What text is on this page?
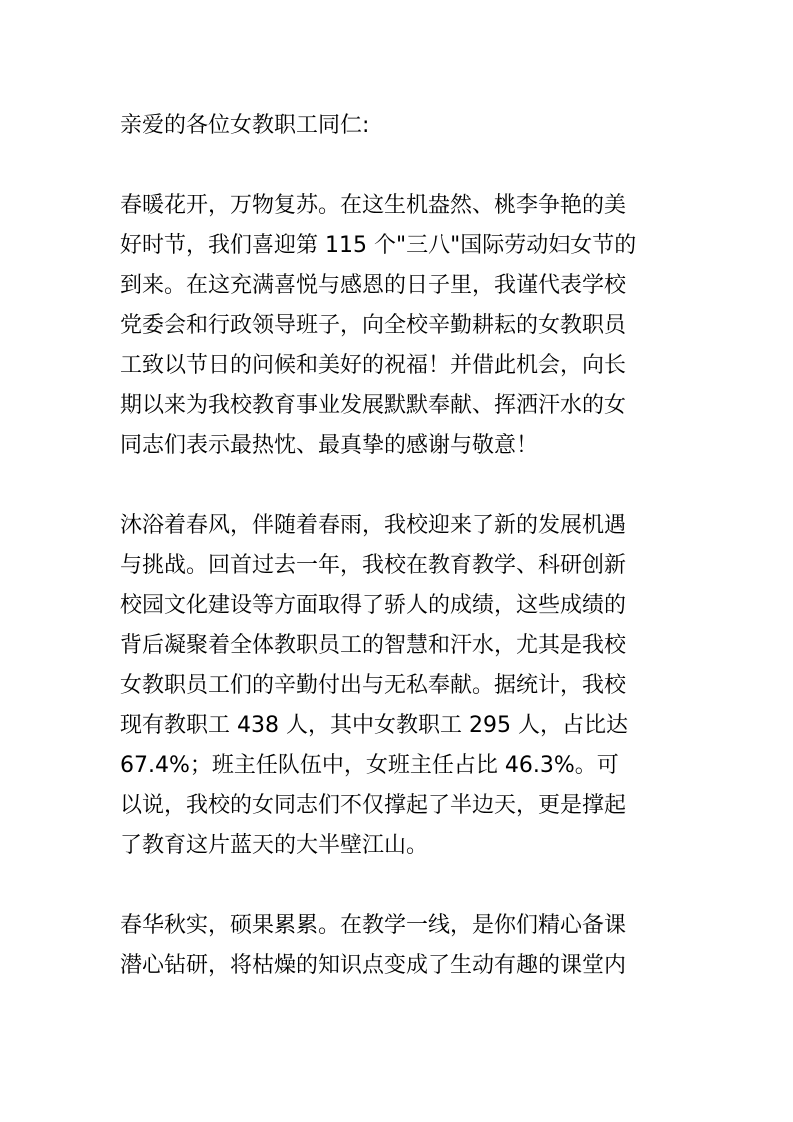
亲爱的各位女教职工同仁:

春暖花开，万物复苏。在这生机盎然、桃李争艳的美
好时节，我们喜迎第 115 个"三八"国际劳动妇女节的
到来。在这充满喜悦与感恩的日子里，我谨代表学校
党委会和行政领导班子，向全校辛勤耕耘的女教职员
工致以节日的问候和美好的祝福！并借此机会，向长
期以来为我校教育事业发展默默奉献、挥洒汗水的女
同志们表示最热忱、最真挚的感谢与敬意！
沐浴着春风，伴随着春雨，我校迎来了新的发展机遇
与挑战。回首过去一年，我校在教育教学、科研创新
校园文化建设等方面取得了骄人的成绩，这些成绩的
背后凝聚着全体教职员工的智慧和汗水，尤其是我校
女教职员工们的辛勤付出与无私奉献。据统计，我校
现有教职工 438 人，其中女教职工 295 人，占比达
67.4%；班主任队伍中，女班主任占比 46.3%。可
以说，我校的女同志们不仅撑起了半边天，更是撑起
了教育这片蓝天的大半壁江山。
春华秋实，硕果累累。在教学一线，是你们精心备课
潜心钻研，将枯燥的知识点变成了生动有趣的课堂内
